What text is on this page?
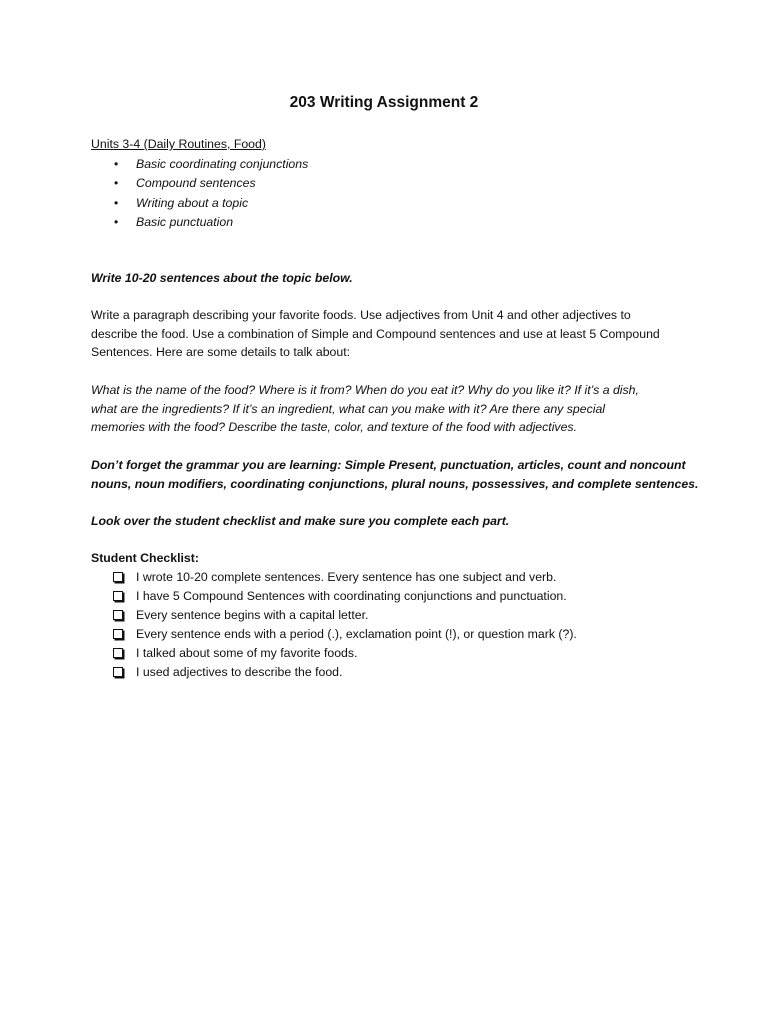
203 Writing Assignment 2

Units 3-4 (Daily Routines, Food)

• Basic coordinating conjunctions
• Compound sentences
• Writing about a topic
• Basic punctuation

Write 10-20 sentences about the topic below.

Write a paragraph describing your favorite foods. Use adjectives from Unit 4 and other adjectives to
describe the food. Use a combination of Simple and Compound sentences and use at least 5 Compound
Sentences. Here are some details to talk about:

What is the name of the food? Where is it from? When do you eat it? Why do you like it? If it’s a dish,
what are the ingredients? If it’s an ingredient, what can you make with it? Are there any special
memories with the food? Describe the taste, color, and texture of the food with adjectives.

Don’t forget the grammar you are learning: Simple Present, punctuation, articles, count and noncount
nouns, noun modifiers, coordinating conjunctions, plural nouns, possessives, and complete sentences.

Look over the student checklist and make sure you complete each part.

Student Checklist:

I wrote 10-20 complete sentences. Every sentence has one subject and verb.
I have 5 Compound Sentences with coordinating conjunctions and punctuation.
Every sentence begins with a capital letter.
Every sentence ends with a period (.), exclamation point (!), or question mark (?).
I talked about some of my favorite foods.
I used adjectives to describe the food.
